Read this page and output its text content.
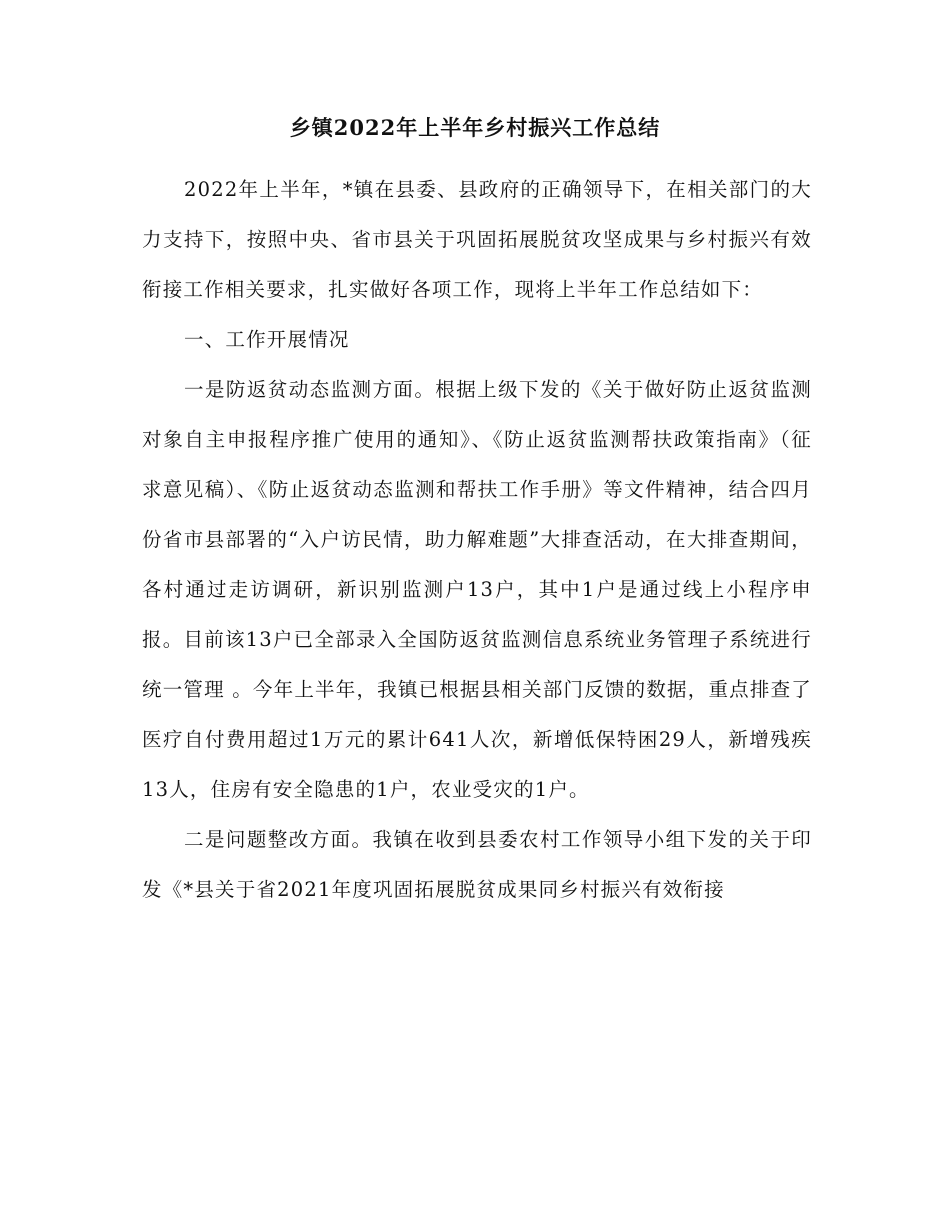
乡镇2022年上半年乡村振兴工作总结

2022年上半年，*镇在县委、县政府的正确领导下，在相关部门的大力支持下，按照中央、省市县关于巩固拓展脱贫攻坚成果与乡村振兴有效衔接工作相关要求，扎实做好各项工作，现将上半年工作总结如下：

一、工作开展情况

一是防返贫动态监测方面。根据上级下发的《关于做好防止返贫监测对象自主申报程序推广使用的通知》、《防止返贫监测帮扶政策指南》（征求意见稿）、《防止返贫动态监测和帮扶工作手册》等文件精神，结合四月份省市县部署的“入户访民情，助力解难题”大排查活动，在大排查期间，各村通过走访调研，新识别监测户13户，其中1户是通过线上小程序申报。目前该13户已全部录入全国防返贫监测信息系统业务管理子系统进行统一管理 。今年上半年，我镇已根据县相关部门反馈的数据，重点排查了医疗自付费用超过1万元的累计641人次，新增低保特困29人，新增残疾13人，住房有安全隐患的1户，农业受灾的1户。

二是问题整改方面。我镇在收到县委农村工作领导小组下发的关于印发《*县关于省2021年度巩固拓展脱贫成果同乡村振兴有效衔接
